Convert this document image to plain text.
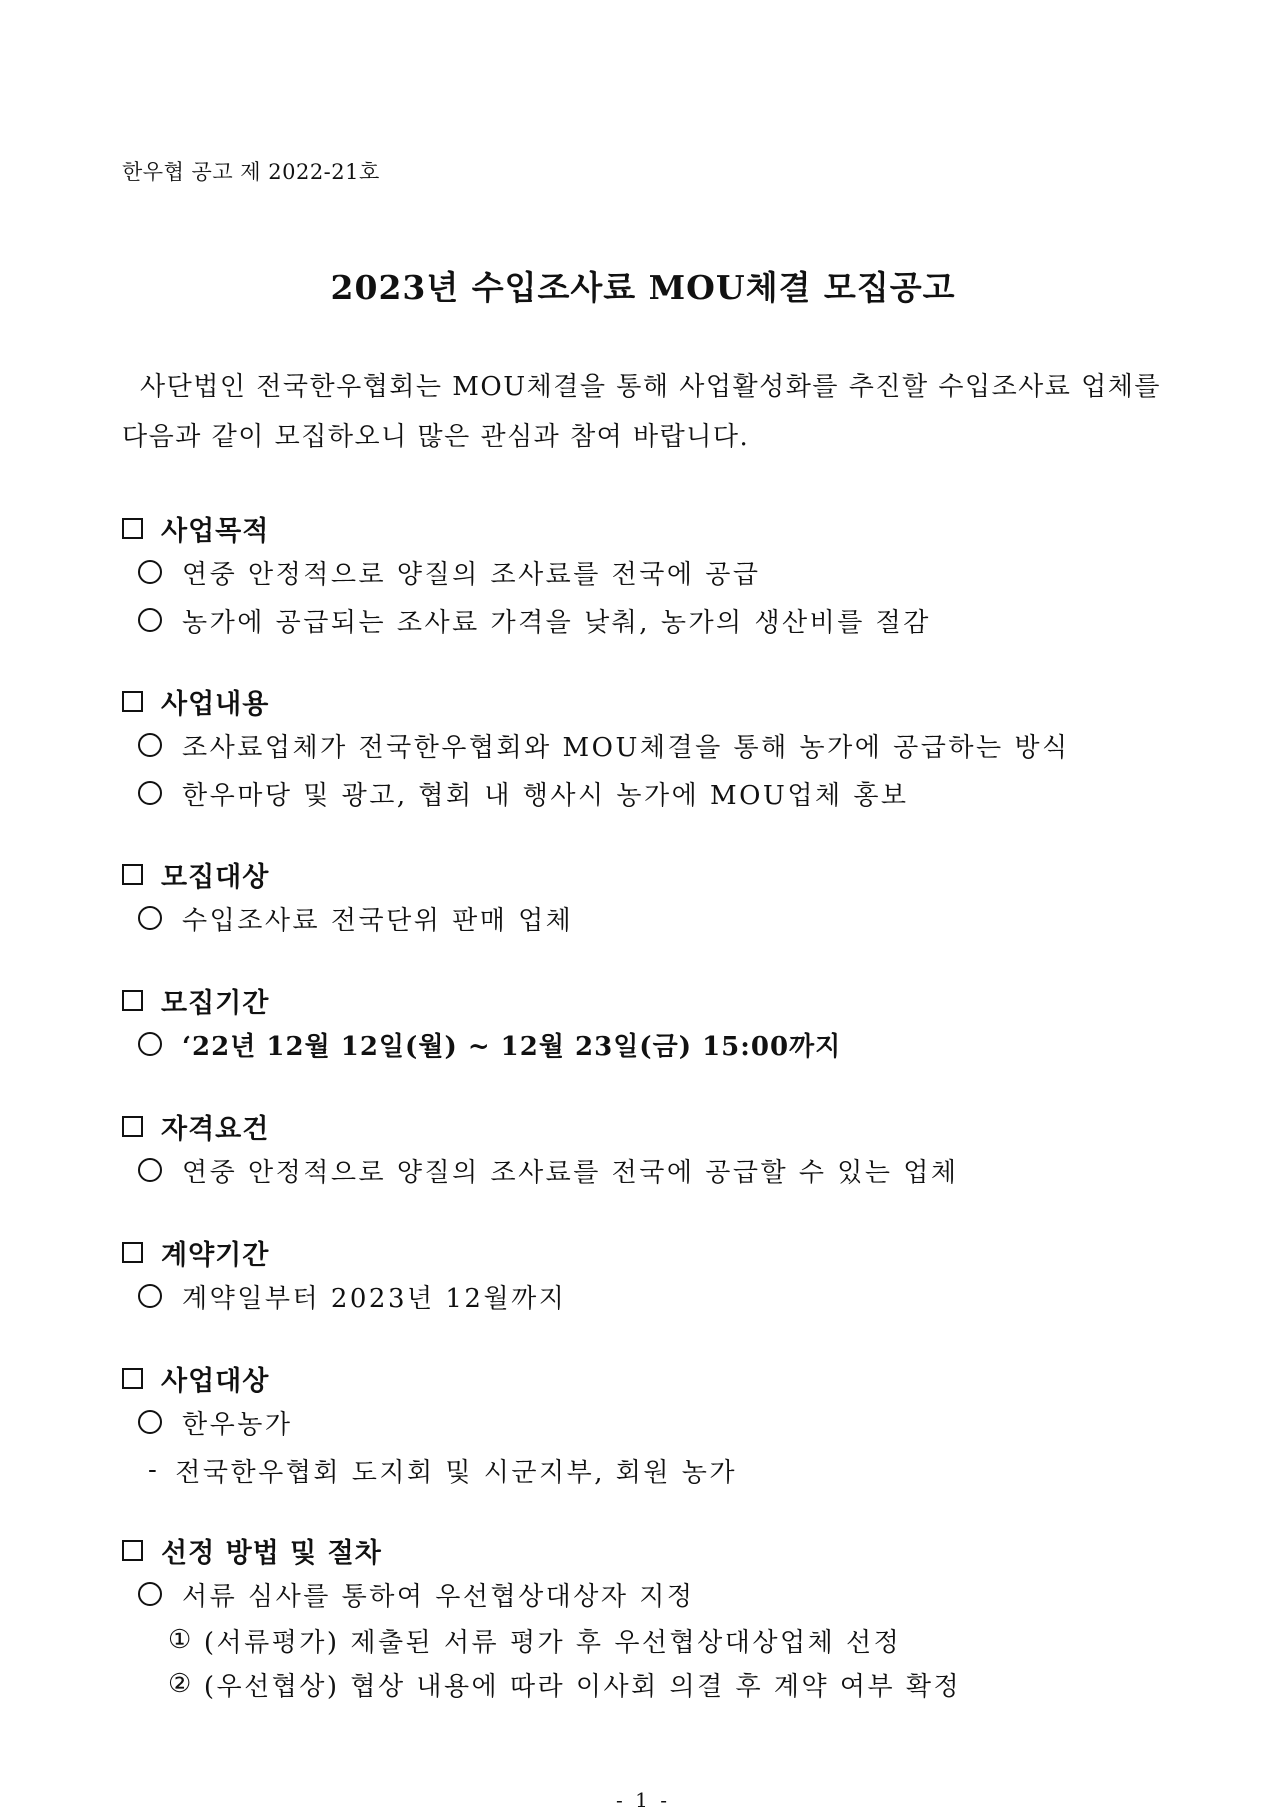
한우협 공고 제 2022-21호
2023년 수입조사료 MOU체결 모집공고

사단법인 전국한우협회는 MOU체결을 통해 사업활성화를 추진할 수입조사료 업체를 다음과 같이 모집하오니 많은 관심과 참여 바랍니다.

사업목적
연중 안정적으로 양질의 조사료를 전국에 공급
농가에 공급되는 조사료 가격을 낮춰, 농가의 생산비를 절감
사업내용
조사료업체가 전국한우협회와 MOU체결을 통해 농가에 공급하는 방식
한우마당 및 광고, 협회 내 행사시 농가에 MOU업체 홍보
모집대상
수입조사료 전국단위 판매 업체
모집기간
‘22년 12월 12일(월) ~ 12월 23일(금) 15:00까지
자격요건
연중 안정적으로 양질의 조사료를 전국에 공급할 수 있는 업체
계약기간
계약일부터 2023년 12월까지
사업대상
한우농가
- 전국한우협회 도지회 및 시군지부, 회원 농가
선정 방법 및 절차
서류 심사를 통하여 우선협상대상자 지정
① (서류평가) 제출된 서류 평가 후 우선협상대상업체 선정
② (우선협상) 협상 내용에 따라 이사회 의결 후 계약 여부 확정
- 1 -
